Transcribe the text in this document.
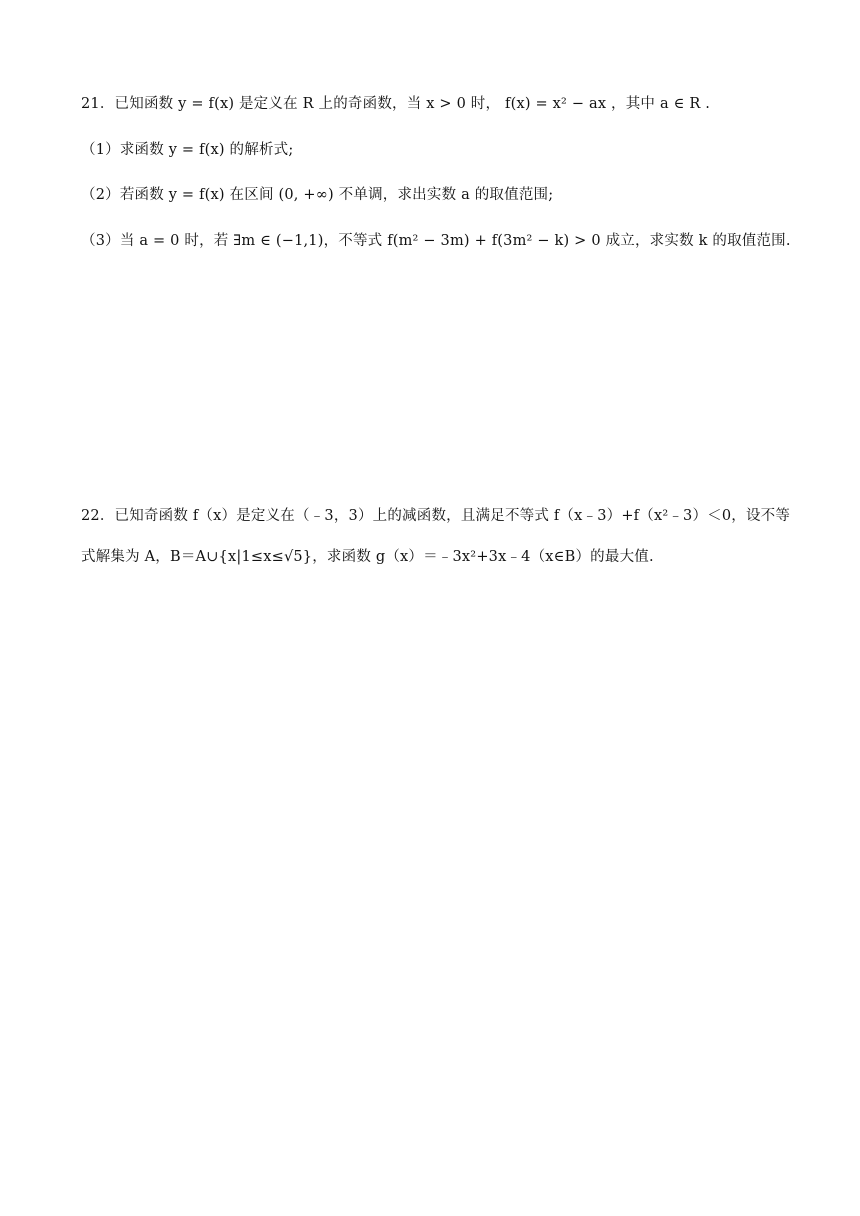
21．已知函数 y = f(x) 是定义在 R 上的奇函数，当 x > 0 时， f(x) = x² − ax ，其中 a ∈ R .
（1）求函数 y = f(x) 的解析式;
（2）若函数 y = f(x) 在区间 (0, +∞) 不单调，求出实数 a 的取值范围;
（3）当 a = 0 时，若 ∃m ∈ (−1,1)，不等式 f(m² − 3m) + f(3m² − k) > 0 成立，求实数 k 的取值范围.
22．已知奇函数 f（x）是定义在（﹣3，3）上的减函数，且满足不等式 f（x﹣3）+f（x²﹣3）＜0，设不等
式解集为 A，B＝A∪{x|1≤x≤√5}，求函数 g（x）＝﹣3x²+3x﹣4（x∈B）的最大值.
